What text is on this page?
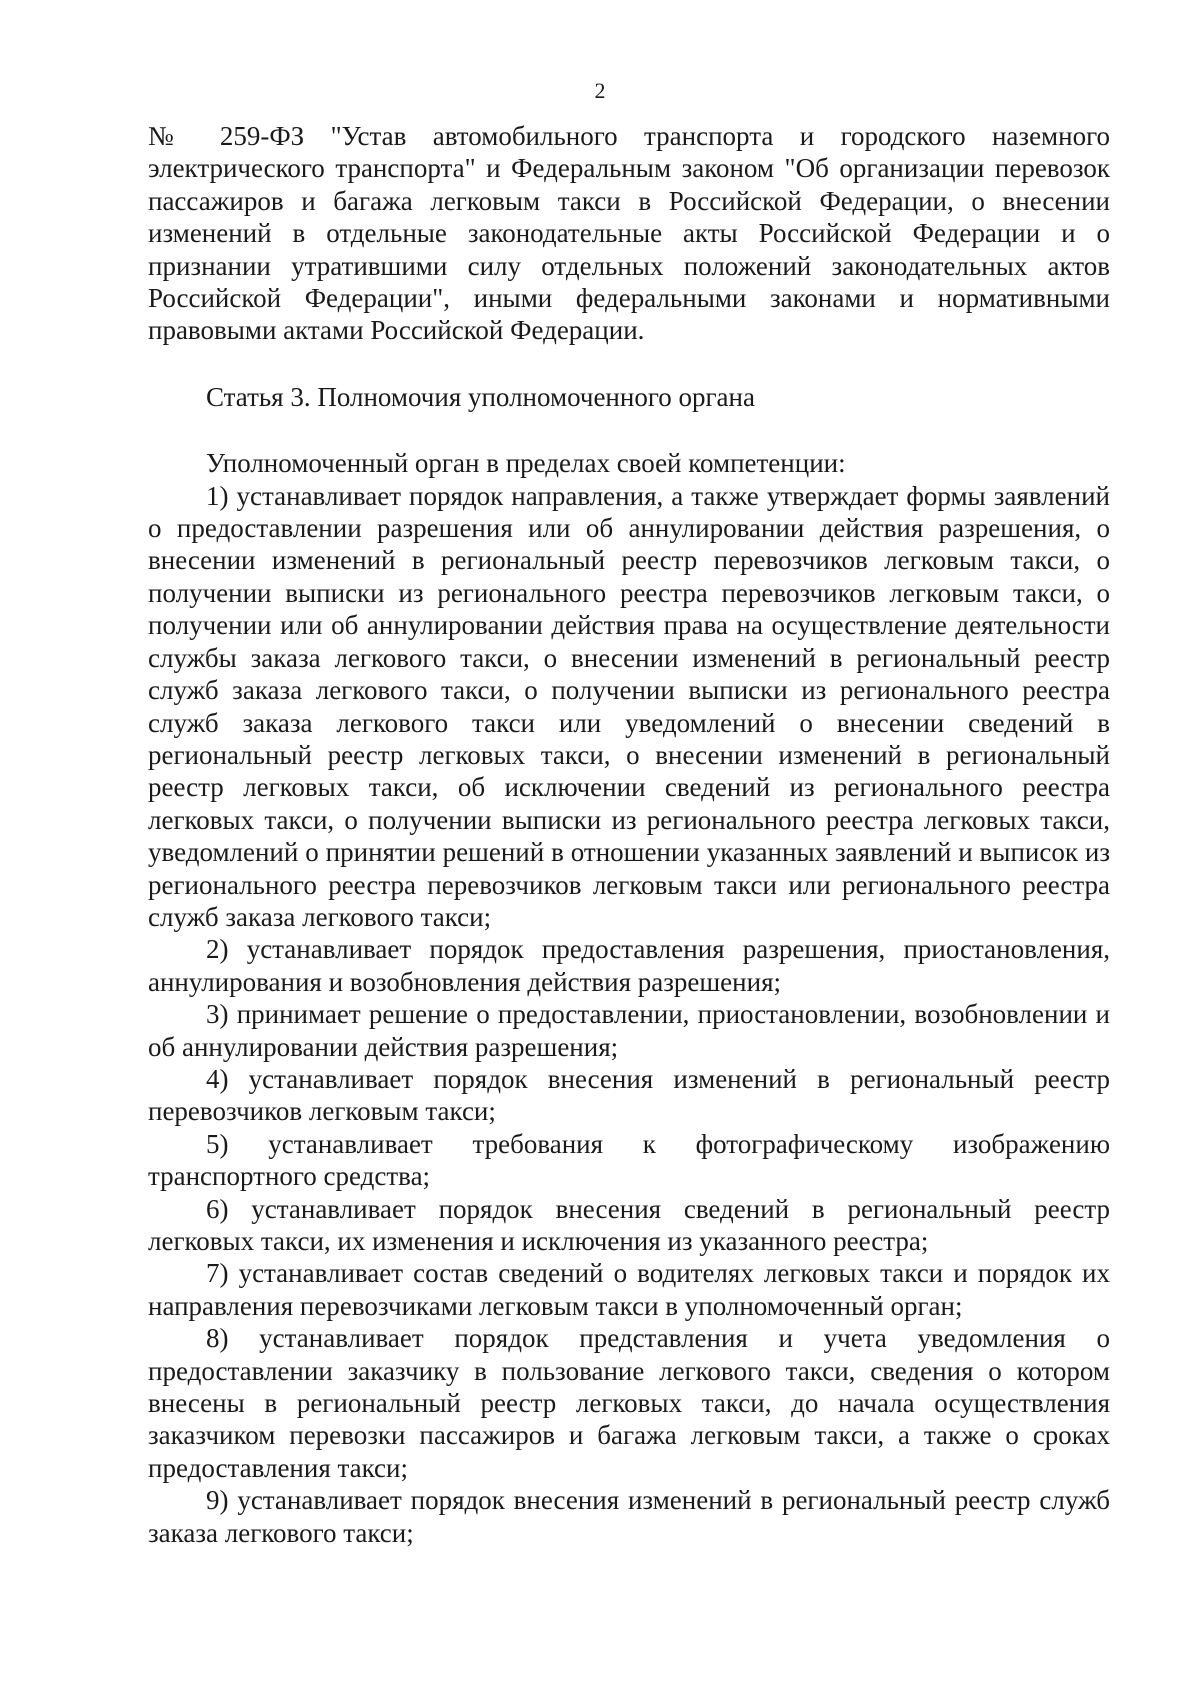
2

№ 259-ФЗ "Устав автомобильного транспорта и городского наземного электрического транспорта" и Федеральным законом "Об организации перевозок пассажиров и багажа легковым такси в Российской Федерации, о внесении изменений в отдельные законодательные акты Российской Федерации и о признании утратившими силу отдельных положений законодательных актов Российской Федерации", иными федеральными законами и нормативными правовыми актами Российской Федерации.

Статья 3. Полномочия уполномоченного органа

Уполномоченный орган в пределах своей компетенции:

1) устанавливает порядок направления, а также утверждает формы заявлений о предоставлении разрешения или об аннулировании действия разрешения, о внесении изменений в региональный реестр перевозчиков легковым такси, о получении выписки из регионального реестра перевозчиков легковым такси, о получении или об аннулировании действия права на осуществление деятельности службы заказа легкового такси, о внесении изменений в региональный реестр служб заказа легкового такси, о получении выписки из регионального реестра служб заказа легкового такси или уведомлений о внесении сведений в региональный реестр легковых такси, о внесении изменений в региональный реестр легковых такси, об исключении сведений из регионального реестра легковых такси, о получении выписки из регионального реестра легковых такси, уведомлений о принятии решений в отношении указанных заявлений и выписок из регионального реестра перевозчиков легковым такси или регионального реестра служб заказа легкового такси;

2) устанавливает порядок предоставления разрешения, приостановления, аннулирования и возобновления действия разрешения;

3) принимает решение о предоставлении, приостановлении, возобновлении и об аннулировании действия разрешения;

4) устанавливает порядок внесения изменений в региональный реестр перевозчиков легковым такси;

5) устанавливает требования к фотографическому изображению транспортного средства;

6) устанавливает порядок внесения сведений в региональный реестр легковых такси, их изменения и исключения из указанного реестра;

7) устанавливает состав сведений о водителях легковых такси и порядок их направления перевозчиками легковым такси в уполномоченный орган;

8) устанавливает порядок представления и учета уведомления о предоставлении заказчику в пользование легкового такси, сведения о котором внесены в региональный реестр легковых такси, до начала осуществления заказчиком перевозки пассажиров и багажа легковым такси, а также о сроках предоставления такси;

9) устанавливает порядок внесения изменений в региональный реестр служб заказа легкового такси;
